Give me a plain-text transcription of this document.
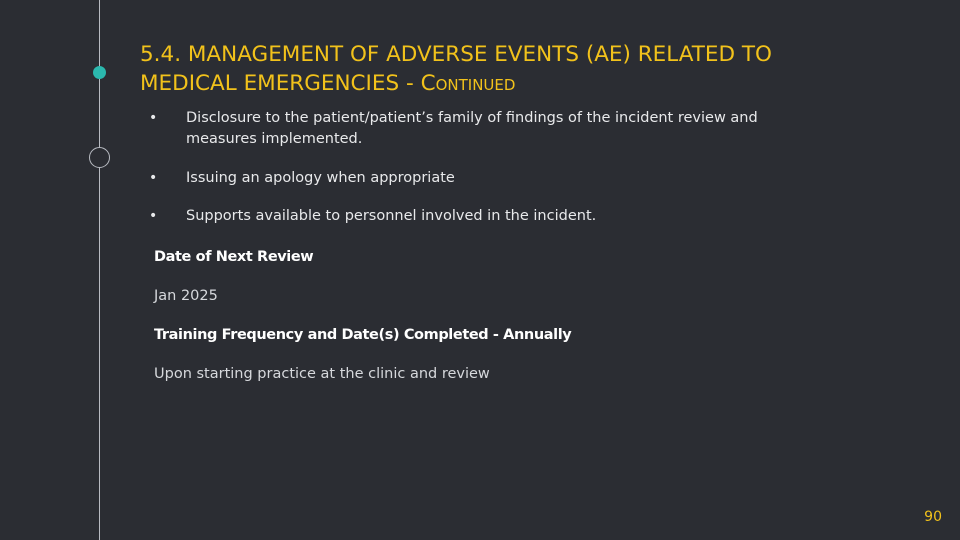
5.4. MANAGEMENT OF ADVERSE EVENTS (AE) RELATED TO MEDICAL EMERGENCIES - Continued
• Disclosure to the patient/patient’s family of findings of the incident review and measures implemented.
• Issuing an apology when appropriate
• Supports available to personnel involved in the incident.
Date of Next Review
Jan 2025
Training Frequency and Date(s) Completed - Annually
Upon starting practice at the clinic and review
90
